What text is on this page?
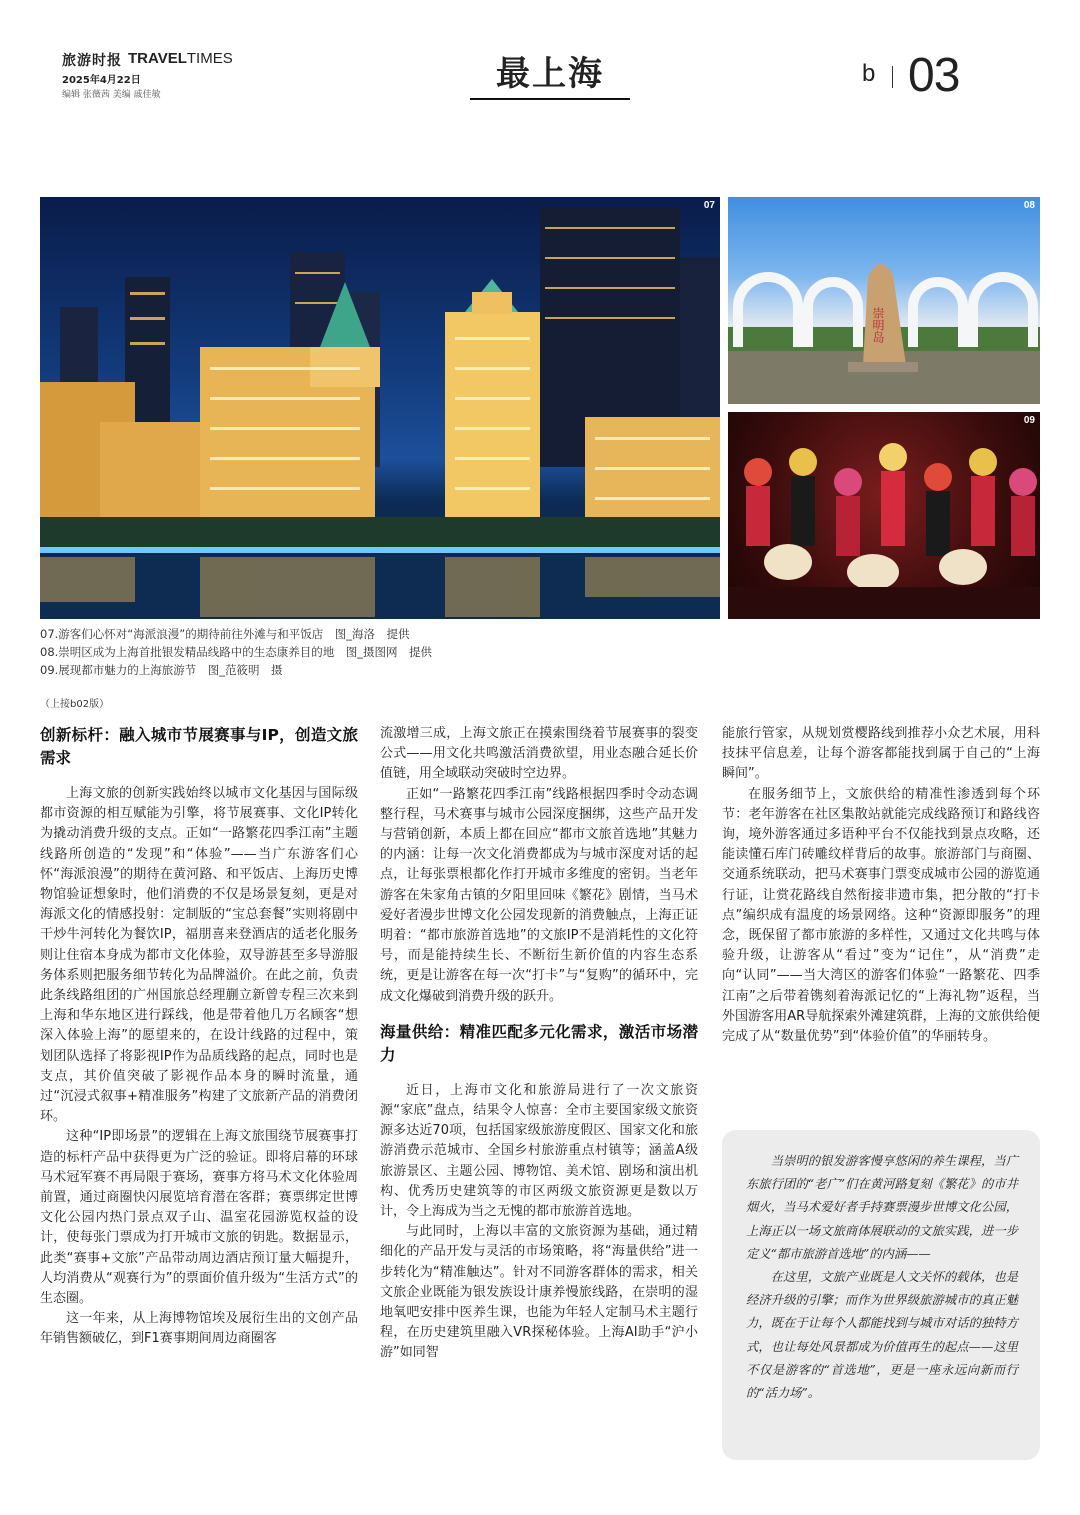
旅游时报 TRAVELTIMES
2025年4月22日
编辑 张薇茜 美编 戚佳敏
最上海	b 03
07
崇明岛
08
09
07.游客们心怀对“海派浪漫”的期待前往外滩与和平饭店　图_海洛　提供
08.崇明区成为上海首批银发精品线路中的生态康养目的地　图_摄图网　提供
09.展现都市魅力的上海旅游节　图_范筱明　摄
（上接b02版）
创新标杆：融入城市节展赛事与IP，创造文旅需求

上海文旅的创新实践始终以城市文化基因与国际级都市资源的相互赋能为引擎，将节展赛事、文化IP转化为撬动消费升级的支点。正如“一路繁花四季江南”主题线路所创造的“发现”和“体验”——当广东游客们心怀“海派浪漫”的期待在黄河路、和平饭店、上海历史博物馆验证想象时，他们消费的不仅是场景复刻，更是对海派文化的情感投射：定制版的“宝总套餐”实则将剧中干炒牛河转化为餐饮IP，福朋喜来登酒店的适老化服务则让住宿本身成为都市文化体验，双导游甚至多导游服务体系则把服务细节转化为品牌溢价。在此之前，负责此条线路组团的广州国旅总经理蒯立新曾专程三次来到上海和华东地区进行踩线，他是带着他几万名顾客“想深入体验上海”的愿望来的，在设计线路的过程中，策划团队选择了将影视IP作为品质线路的起点，同时也是支点，其价值突破了影视作品本身的瞬时流量，通过“沉浸式叙事+精准服务”构建了文旅新产品的消费闭环。

这种“IP即场景”的逻辑在上海文旅围绕节展赛事打造的标杆产品中获得更为广泛的验证。即将启幕的环球马术冠军赛不再局限于赛场，赛事方将马术文化体验周前置，通过商圈快闪展览培育潜在客群；赛票绑定世博文化公园内热门景点双子山、温室花园游览权益的设计，使每张门票成为打开城市文旅的钥匙。数据显示，此类“赛事+文旅”产品带动周边酒店预订量大幅提升，人均消费从“观赛行为”的票面价值升级为“生活方式”的生态圈。

这一年来，从上海博物馆埃及展衍生出的文创产品年销售额破亿，到F1赛事期间周边商圈客

流激增三成，上海文旅正在摸索围绕着节展赛事的裂变公式——用文化共鸣激活消费欲望，用业态融合延长价值链，用全域联动突破时空边界。

正如“一路繁花四季江南”线路根据四季时令动态调整行程，马术赛事与城市公园深度捆绑，这些产品开发与营销创新，本质上都在回应“都市文旅首选地”其魅力的内涵：让每一次文化消费都成为与城市深度对话的起点，让每张票根都化作打开城市多维度的密钥。当老年游客在朱家角古镇的夕阳里回味《繁花》剧情，当马术爱好者漫步世博文化公园发现新的消费触点，上海正证明着：“都市旅游首选地”的文旅IP不是消耗性的文化符号，而是能持续生长、不断衍生新价值的内容生态系统，更是让游客在每一次“打卡”与“复购”的循环中，完成文化爆破到消费升级的跃升。

海量供给：精准匹配多元化需求，激活市场潜力

近日，上海市文化和旅游局进行了一次文旅资源“家底”盘点，结果令人惊喜：全市主要国家级文旅资源多达近70项，包括国家级旅游度假区、国家文化和旅游消费示范城市、全国乡村旅游重点村镇等；涵盖A级旅游景区、主题公园、博物馆、美术馆、剧场和演出机构、优秀历史建筑等的市区两级文旅资源更是数以万计，令上海成为当之无愧的都市旅游首选地。

与此同时，上海以丰富的文旅资源为基础，通过精细化的产品开发与灵活的市场策略，将“海量供给”进一步转化为“精准触达”。针对不同游客群体的需求，相关文旅企业既能为银发族设计康养慢旅线路，在崇明的湿地氧吧安排中医养生课，也能为年轻人定制马术主题行程，在历史建筑里融入VR探秘体验。上海AI助手“沪小游”如同智

能旅行管家，从规划赏樱路线到推荐小众艺术展，用科技抹平信息差，让每个游客都能找到属于自己的“上海瞬间”。

在服务细节上，文旅供给的精准性渗透到每个环节：老年游客在社区集散站就能完成线路预订和路线咨询，境外游客通过多语种平台不仅能找到景点攻略，还能读懂石库门砖雕纹样背后的故事。旅游部门与商圈、交通系统联动，把马术赛事门票变成城市公园的游览通行证，让赏花路线自然衔接非遗市集，把分散的“打卡点”编织成有温度的场景网络。这种“资源即服务”的理念，既保留了都市旅游的多样性，又通过文化共鸣与体验升级，让游客从“看过”变为“记住”，从“消费”走向“认同”——当大湾区的游客们体验“一路繁花、四季江南”之后带着镌刻着海派记忆的“上海礼物”返程，当外国游客用AR导航探索外滩建筑群，上海的文旅供给便完成了从“数量优势”到“体验价值”的华丽转身。

当崇明的银发游客慢享悠闲的养生课程，当广东旅行团的“老广”们在黄河路复刻《繁花》的市井烟火，当马术爱好者手持赛票漫步世博文化公园，上海正以一场文旅商体展联动的文旅实践，进一步定义“都市旅游首选地”的内涵——

在这里，文旅产业既是人文关怀的载体，也是经济升级的引擎；而作为世界级旅游城市的真正魅力，既在于让每个人都能找到与城市对话的独特方式，也让每处风景都成为价值再生的起点——这里不仅是游客的“首选地”，更是一座永远向新而行的“活力场”。
